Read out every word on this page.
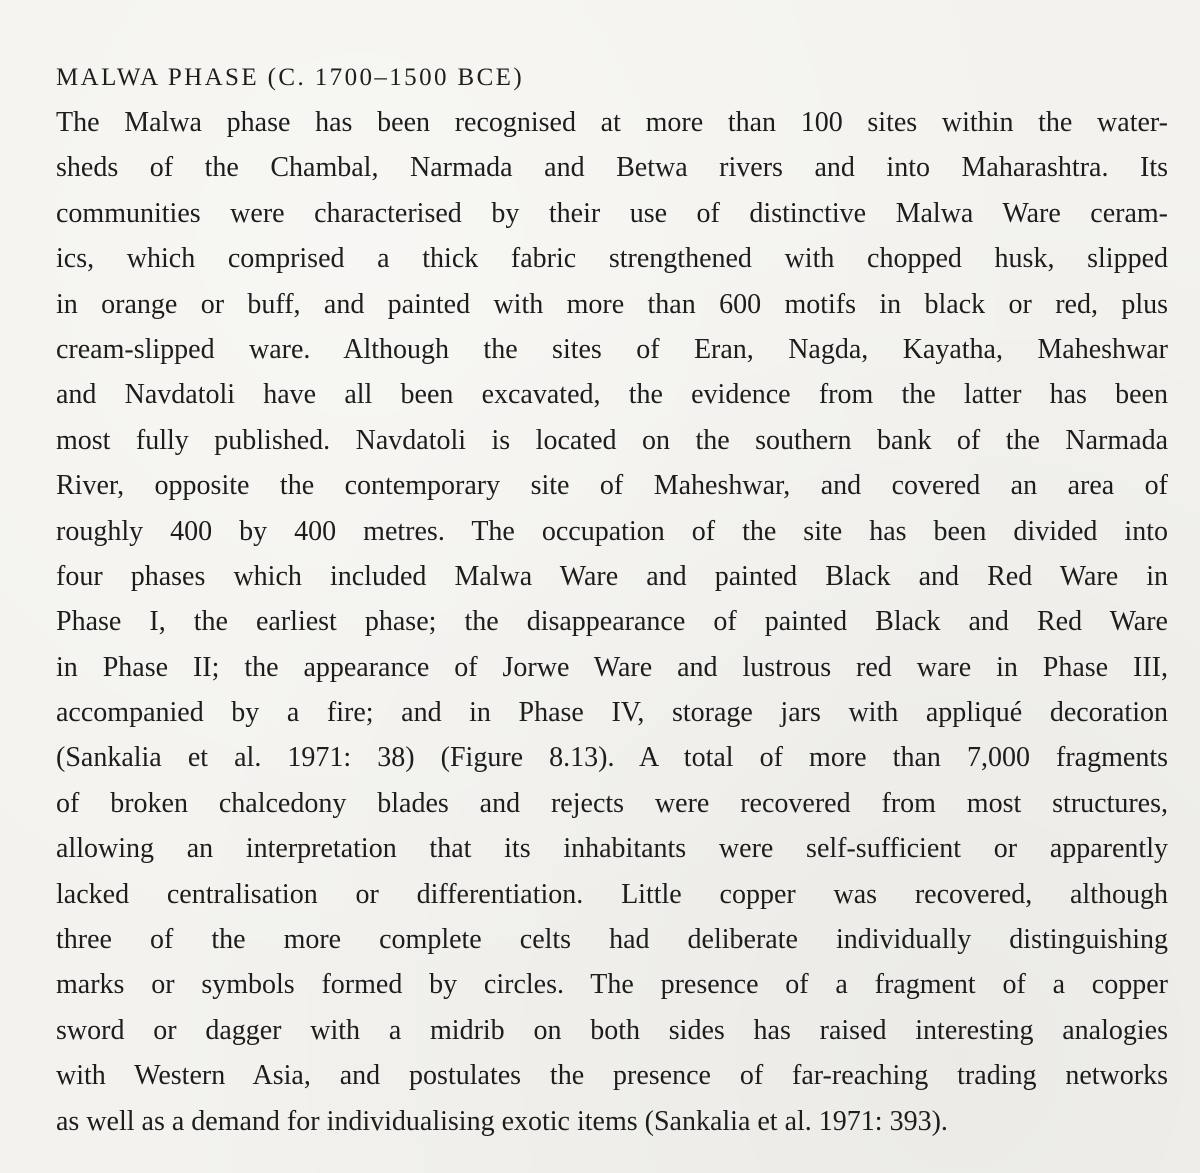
MALWA PHASE (C. 1700–1500 BCE)
The Malwa phase has been recognised at more than 100 sites within the water-
sheds of the Chambal, Narmada and Betwa rivers and into Maharashtra. Its
communities were characterised by their use of distinctive Malwa Ware ceram-
ics, which comprised a thick fabric strengthened with chopped husk, slipped
in orange or buff, and painted with more than 600 motifs in black or red, plus
cream-slipped ware. Although the sites of Eran, Nagda, Kayatha, Maheshwar
and Navdatoli have all been excavated, the evidence from the latter has been
most fully published. Navdatoli is located on the southern bank of the Narmada
River, opposite the contemporary site of Maheshwar, and covered an area of
roughly 400 by 400 metres. The occupation of the site has been divided into
four phases which included Malwa Ware and painted Black and Red Ware in
Phase I, the earliest phase; the disappearance of painted Black and Red Ware
in Phase II; the appearance of Jorwe Ware and lustrous red ware in Phase III,
accompanied by a fire; and in Phase IV, storage jars with appliqué decoration
(Sankalia et al. 1971: 38) (Figure 8.13). A total of more than 7,000 fragments
of broken chalcedony blades and rejects were recovered from most structures,
allowing an interpretation that its inhabitants were self-sufficient or apparently
lacked centralisation or differentiation. Little copper was recovered, although
three of the more complete celts had deliberate individually distinguishing
marks or symbols formed by circles. The presence of a fragment of a copper
sword or dagger with a midrib on both sides has raised interesting analogies
with Western Asia, and postulates the presence of far-reaching trading networks
as well as a demand for individualising exotic items (Sankalia et al. 1971: 393).
